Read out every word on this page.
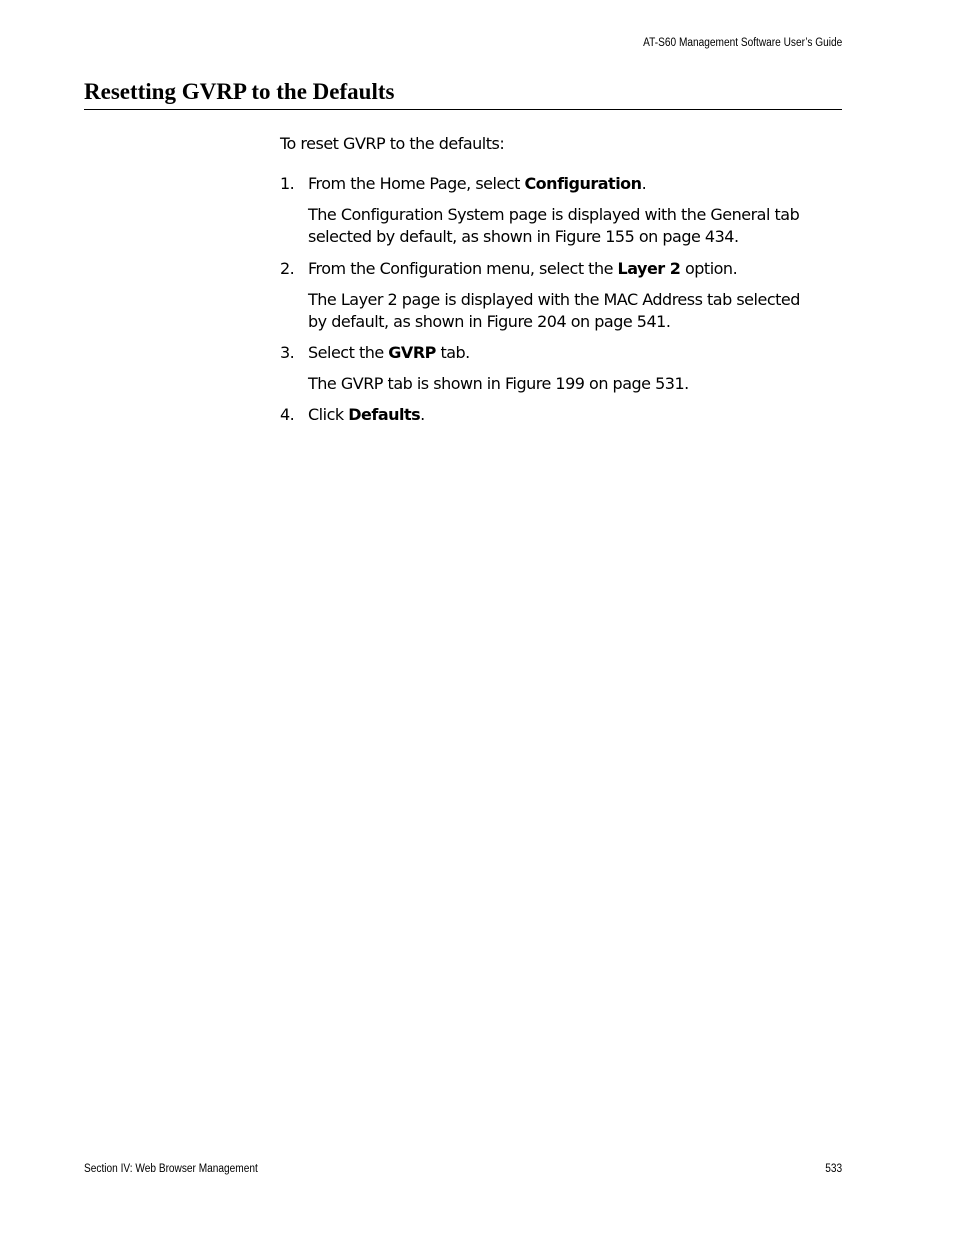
AT-S60 Management Software User’s Guide
Resetting GVRP to the Defaults

To reset GVRP to the defaults:

1. From the Home Page, select Configuration.

The Configuration System page is displayed with the General tab selected by default, as shown in Figure 155 on page 434.

2. From the Configuration menu, select the Layer 2 option.

The Layer 2 page is displayed with the MAC Address tab selected by default, as shown in Figure 204 on page 541.

3. Select the GVRP tab.

The GVRP tab is shown in Figure 199 on page 531.

4. Click Defaults.

Section IV: Web Browser Management	533
